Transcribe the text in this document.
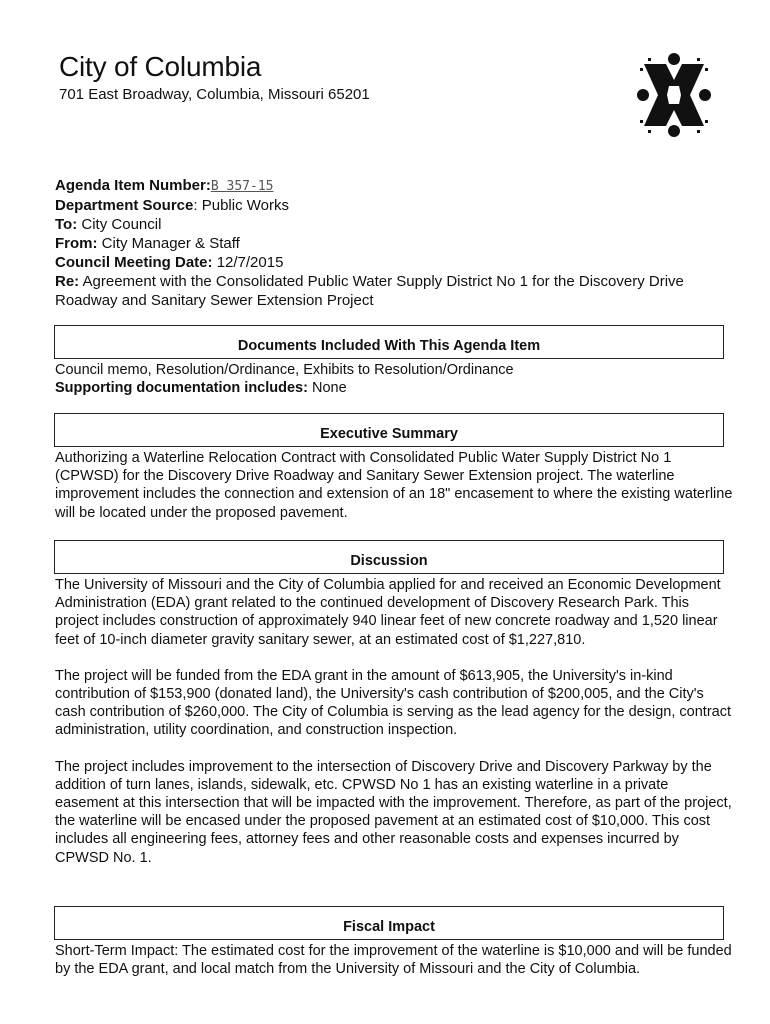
City of Columbia
701 East Broadway, Columbia, Missouri 65201
Agenda Item Number:B 357-15
Department Source: Public Works
To: City Council
From: City Manager & Staff
Council Meeting Date: 12/7/2015
Re: Agreement with the Consolidated Public Water Supply District No 1 for the Discovery Drive Roadway and Sanitary Sewer Extension Project
Documents Included With This Agenda Item

Council memo, Resolution/Ordinance, Exhibits to Resolution/Ordinance

Supporting documentation includes: None
Executive Summary

Authorizing a Waterline Relocation Contract with Consolidated Public Water Supply District No 1 (CPWSD) for the Discovery Drive Roadway and Sanitary Sewer Extension project. The waterline improvement includes the connection and extension of an 18" encasement to where the existing waterline will be located under the proposed pavement.

Discussion

The University of Missouri and the City of Columbia applied for and received an Economic Development Administration (EDA) grant related to the continued development of Discovery Research Park. This project includes construction of approximately 940 linear feet of new concrete roadway and 1,520 linear feet of 10-inch diameter gravity sanitary sewer, at an estimated cost of $1,227,810.

The project will be funded from the EDA grant in the amount of $613,905, the University's in-kind contribution of $153,900 (donated land), the University's cash contribution of $200,005, and the City's cash contribution of $260,000. The City of Columbia is serving as the lead agency for the design, contract administration, utility coordination, and construction inspection.

The project includes improvement to the intersection of Discovery Drive and Discovery Parkway by the addition of turn lanes, islands, sidewalk, etc. CPWSD No 1 has an existing waterline in a private easement at this intersection that will be impacted with the improvement. Therefore, as part of the project, the waterline will be encased under the proposed pavement at an estimated cost of $10,000. This cost includes all engineering fees, attorney fees and other reasonable costs and expenses incurred by CPWSD No. 1.

Fiscal Impact

Short-Term Impact: The estimated cost for the improvement of the waterline is $10,000 and will be funded by the EDA grant, and local match from the University of Missouri and the City of Columbia.
